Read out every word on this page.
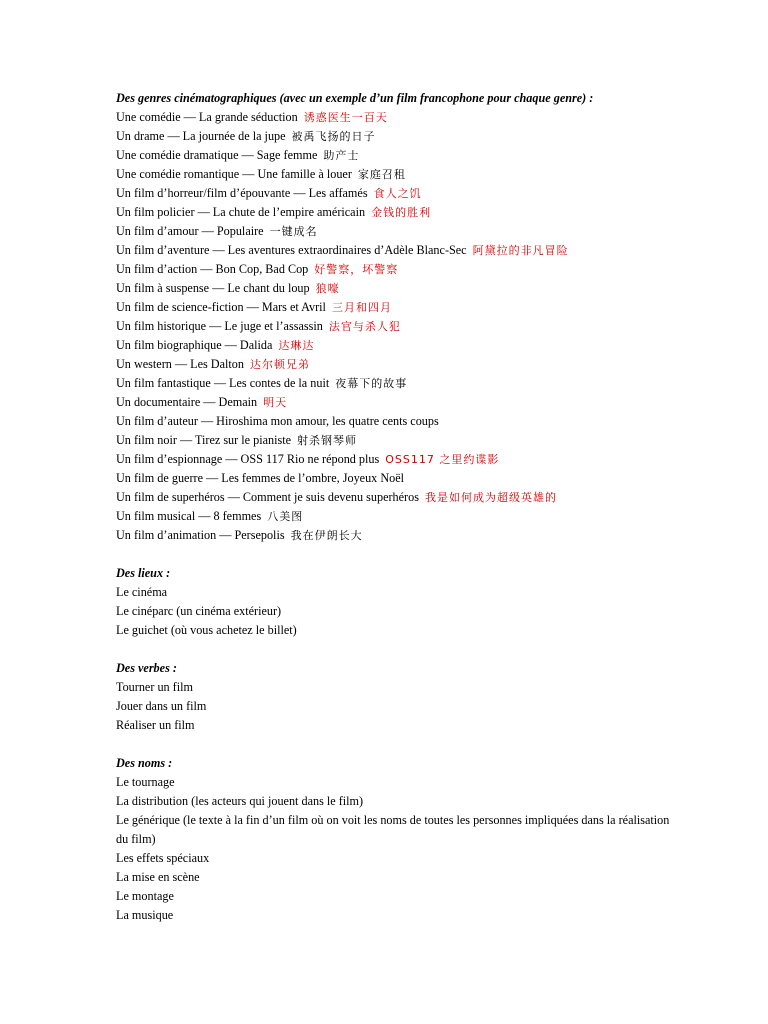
Des genres cinématographiques (avec un exemple d’un film francophone pour chaque genre) :
Une comédie — La grande séduction 诱惑医生一百天
Un drame — La journée de la jupe 被禹飞扬的日子
Une comédie dramatique — Sage femme 助产士
Une comédie romantique — Une famille à louer 家庭召租
Un film d’horreur/film d’épouvante — Les affamés 食人之饥
Un film policier — La chute de l’empire américain 金钱的胜利
Un film d’amour — Populaire 一键成名
Un film d’aventure — Les aventures extraordinaires d’Adèle Blanc-Sec 阿黛拉的非凡冒险
Un film d’action — Bon Cop, Bad Cop 好警察，坏警察
Un film à suspense — Le chant du loup 狼嚎
Un film de science-fiction — Mars et Avril 三月和四月
Un film historique — Le juge et l’assassin 法官与杀人犯
Un film biographique — Dalida 达琳达
Un western — Les Dalton 达尔顿兄弟
Un film fantastique — Les contes de la nuit 夜幕下的故事
Un documentaire — Demain 明天
Un film d’auteur — Hiroshima mon amour, les quatre cents coups
Un film noir — Tirez sur le pianiste 射杀钢琴师
Un film d’espionnage — OSS 117 Rio ne répond plus OSS117 之里约谍影
Un film de guerre — Les femmes de l’ombre, Joyeux Noël
Un film de superhéros — Comment je suis devenu superhéros 我是如何成为超级英雄的
Un film musical — 8 femmes 八美图
Un film d’animation — Persepolis 我在伊朗长大
Des lieux :
Le cinéma
Le cinéparc (un cinéma extérieur)
Le guichet (où vous achetez le billet)
Des verbes :
Tourner un film
Jouer dans un film
Réaliser un film
Des noms :
Le tournage
La distribution (les acteurs qui jouent dans le film)
Le générique (le texte à la fin d’un film où on voit les noms de toutes les personnes impliquées dans la réalisation du film)
Les effets spéciaux
La mise en scène
Le montage
La musique
